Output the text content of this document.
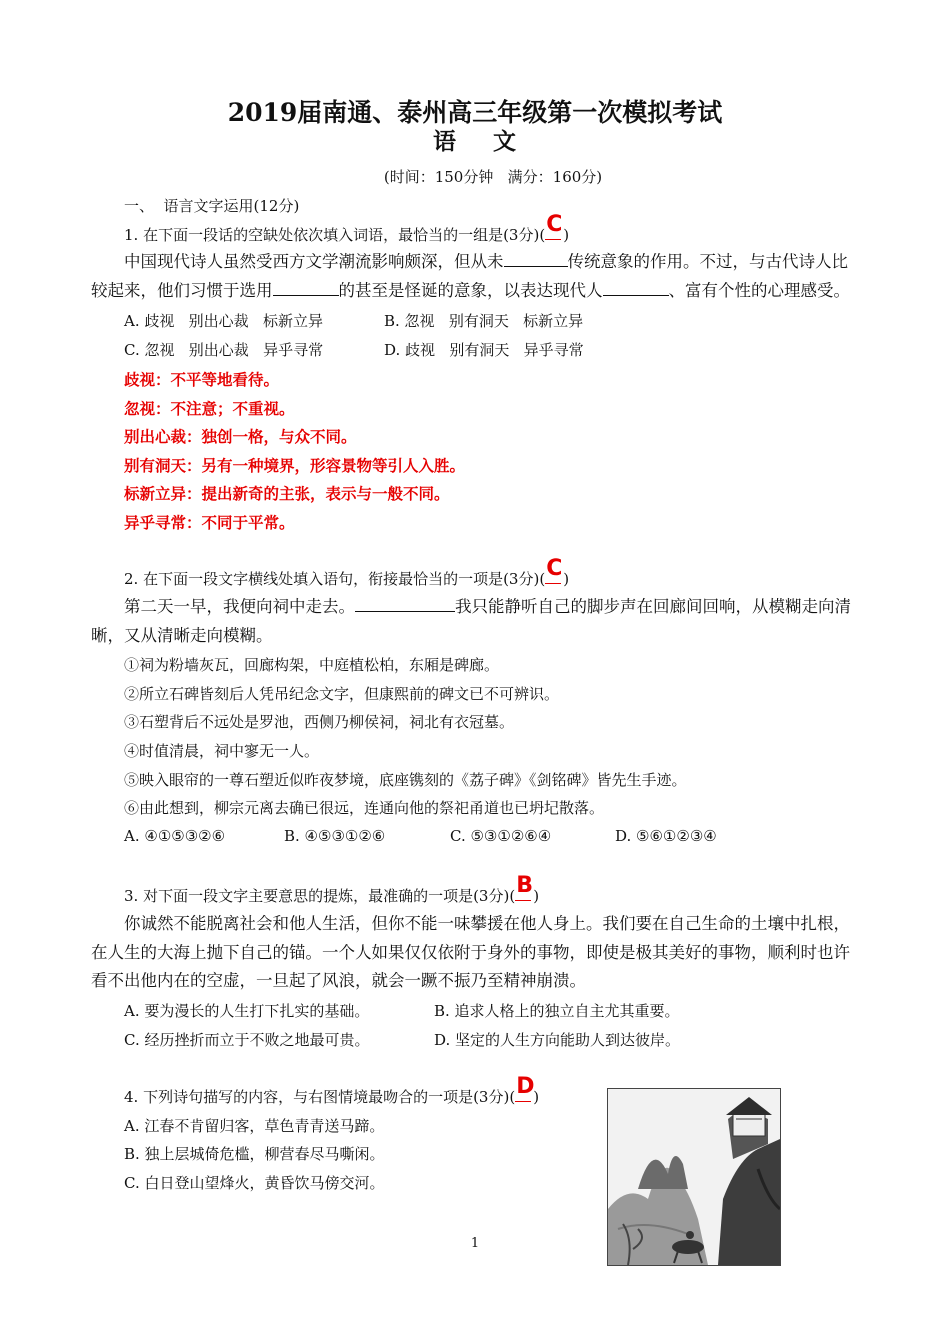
2019届南通、泰州高三年级第一次模拟考试
语    文
(时间：150分钟   满分：160分)
一、  语言文字运用(12分)
1. 在下面一段话的空缺处依次填入词语，最恰当的一组是(3分)( C )
中国现代诗人虽然受西方文学潮流影响颇深，但从未	传统意象的作用。不过，与古代诗人比
较起来，他们习惯于选用	的甚至是怪诞的意象，以表达现代人	、富有个性的心理感受。
A. 歧视   别出心裁   标新立异	B. 忽视   别有洞天   标新立异
C. 忽视   别出心裁   异乎寻常	D. 歧视   别有洞天   异乎寻常
歧视：不平等地看待。
忽视：不注意；不重视。
别出心裁：独创一格，与众不同。
别有洞天：另有一种境界，形容景物等引人入胜。
标新立异：提出新奇的主张，表示与一般不同。
异乎寻常：不同于平常。
2. 在下面一段文字横线处填入语句，衔接最恰当的一项是(3分)( C )
第二天一早，我便向祠中走去。	我只能静听自己的脚步声在回廊间回响，从模糊走向清
晰，又从清晰走向模糊。
①祠为粉墙灰瓦，回廊构架，中庭植松柏，东厢是碑廊。
②所立石碑皆刻后人凭吊纪念文字，但康熙前的碑文已不可辨识。
③石塑背后不远处是罗池，西侧乃柳侯祠，祠北有衣冠墓。
④时值清晨，祠中寥无一人。
⑤映入眼帘的一尊石塑近似昨夜梦境，底座镌刻的《荔子碑》《剑铭碑》皆先生手迹。
⑥由此想到，柳宗元离去确已很远，连通向他的祭祀甬道也已坍圮散落。
A. ④①⑤③②⑥	B. ④⑤③①②⑥	C. ⑤③①②⑥④	D. ⑤⑥①②③④
3. 对下面一段文字主要意思的提炼，最准确的一项是(3分)( B )
你诚然不能脱离社会和他人生活，但你不能一味攀援在他人身上。我们要在自己生命的土壤中扎根，
在人生的大海上抛下自己的锚。一个人如果仅仅依附于身外的事物，即使是极其美好的事物，顺利时也许
看不出他内在的空虚，一旦起了风浪，就会一蹶不振乃至精神崩溃。
A. 要为漫长的人生打下扎实的基础。	B. 追求人格上的独立自主尤其重要。
C. 经历挫折而立于不败之地最可贵。	D. 坚定的人生方向能助人到达彼岸。
4. 下列诗句描写的内容，与右图情境最吻合的一项是(3分)( D
)
A. 江春不肯留归客，草色青青送马蹄。
B. 独上层城倚危槛，柳营春尽马嘶闲。
C. 白日登山望烽火，黄昏饮马傍交河。
1
